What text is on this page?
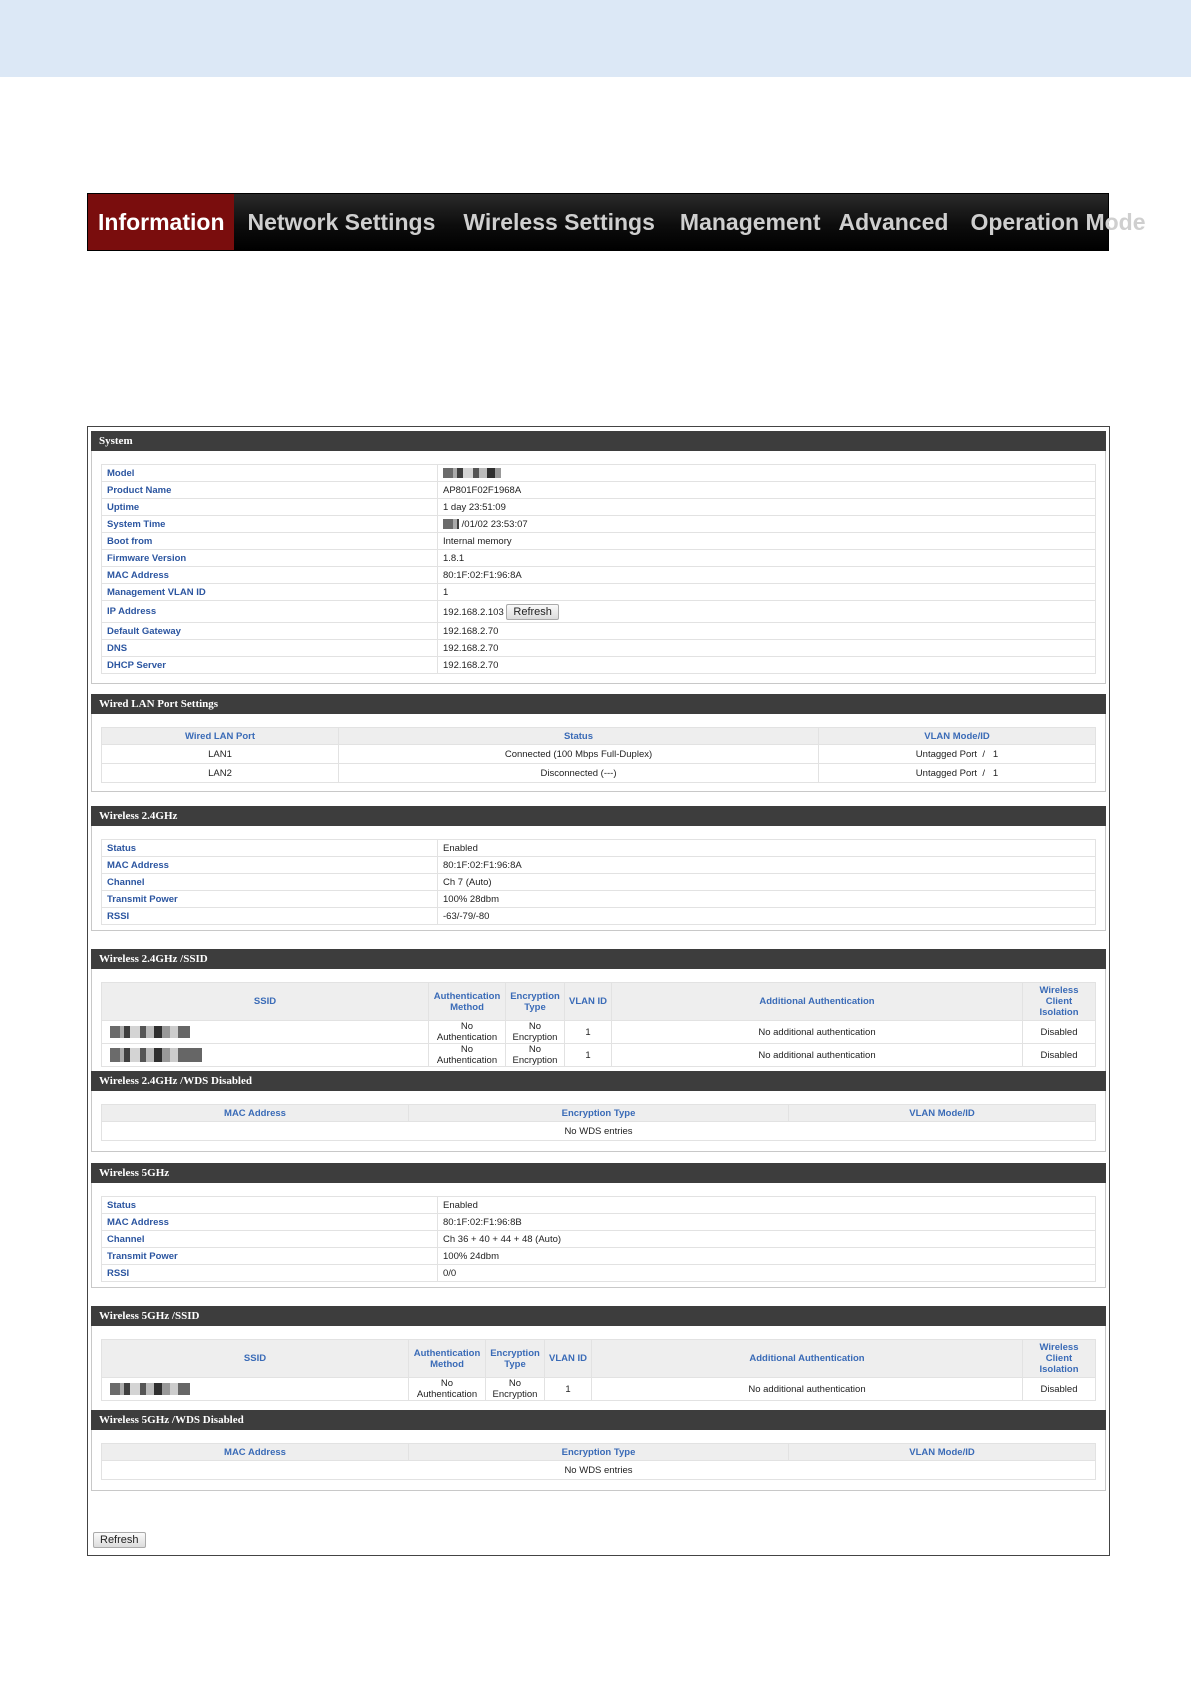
Information	Network Settings Wireless Settings Management Advanced Operation Mode
System
Model	
Product Name	AP801F02F1968A
Uptime	1 day 23:51:09
System Time	/01/02 23:53:07
Boot from	Internal memory
Firmware Version	1.8.1
MAC Address	80:1F:02:F1:96:8A
Management VLAN ID	1
IP Address	192.168.2.103 Refresh
Default Gateway	192.168.2.70
DNS	192.168.2.70
DHCP Server	192.168.2.70
Wired LAN Port Settings
Wired LAN Port	Status	VLAN Mode/ID
LAN1	Connected (100 Mbps Full-Duplex)	Untagged Port  /   1
LAN2	Disconnected (---)	Untagged Port  /   1
Wireless 2.4GHz
Status	Enabled
MAC Address	80:1F:02:F1:96:8A
Channel	Ch 7 (Auto)
Transmit Power	100% 28dbm
RSSI	-63/-79/-80
Wireless 2.4GHz /SSID
SSID	Authentication Method	Encryption Type	VLAN ID	Additional Authentication	Wireless Client Isolation
	No Authentication	No Encryption	1	No additional authentication	Disabled
	No Authentication	No Encryption	1	No additional authentication	Disabled
Wireless 2.4GHz /WDS Disabled
MAC Address	Encryption Type	VLAN Mode/ID
No WDS entries
Wireless 5GHz
Status	Enabled
MAC Address	80:1F:02:F1:96:8B
Channel	Ch 36 + 40 + 44 + 48 (Auto)
Transmit Power	100% 24dbm
RSSI	0/0
Wireless 5GHz /SSID
SSID	Authentication Method	Encryption Type	VLAN ID	Additional Authentication	Wireless Client Isolation
	No Authentication	No Encryption	1	No additional authentication	Disabled
Wireless 5GHz /WDS Disabled
MAC Address	Encryption Type	VLAN Mode/ID
No WDS entries
Refresh
